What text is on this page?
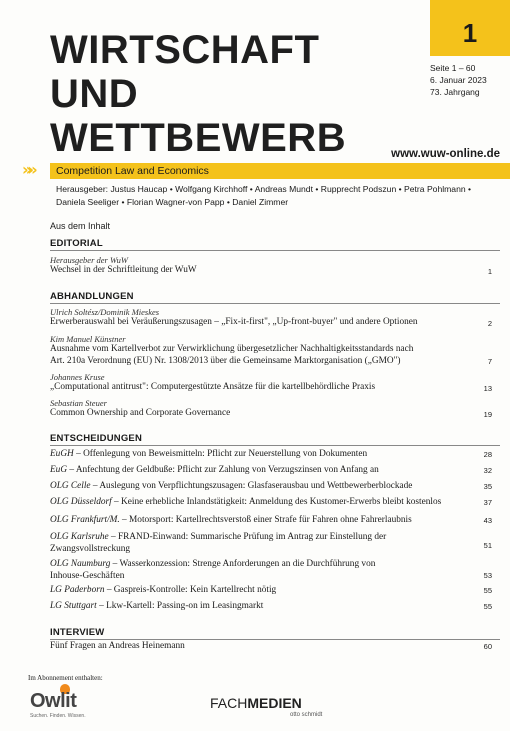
WIRTSCHAFT
UND
WETTBEWERB
1
Seite 1 – 60
6. Januar 2023
73. Jahrgang
www.wuw-online.de
»» Competition Law and Economics
Herausgeber: Justus Haucap • Wolfgang Kirchhoff • Andreas Mundt • Rupprecht Podszun • Petra Pohlmann •
Daniela Seeliger • Florian Wagner-von Papp • Daniel Zimmer
Aus dem Inhalt
EDITORIAL
Herausgeber der WuW
Wechsel in der Schriftleitung der WuW	1
ABHANDLUNGEN
Ulrich Soltész/Dominik Mieskes
Erwerberauswahl bei Veräußerungszusagen – „Fix-it-first", „Up-front-buyer" und andere Optionen	2
Kim Manuel Künstner
Ausnahme vom Kartellverbot zur Verwirklichung übergesetzlicher Nachhaltigkeitsstandards nach
Art. 210a Verordnung (EU) Nr. 1308/2013 über die Gemeinsame Marktorganisation („GMO")	7
Johannes Kruse
„Computational antitrust": Computergestützte Ansätze für die kartellbehördliche Praxis	13
Sebastian Steuer
Common Ownership and Corporate Governance	19
ENTSCHEIDUNGEN
EuGH – Offenlegung von Beweismitteln: Pflicht zur Neuerstellung von Dokumenten	28
EuG – Anfechtung der Geldbuße: Pflicht zur Zahlung von Verzugszinsen von Anfang an	32
OLG Celle – Auslegung von Verpflichtungszusagen: Glasfaserausbau und Wettbewerberblockade	35
OLG Düsseldorf – Keine erhebliche Inlandstätigkeit: Anmeldung des Kustomer-Erwerbs bleibt kostenlos	37
OLG Frankfurt/M. – Motorsport: Kartellrechtsverstoß einer Strafe für Fahren ohne Fahrerlaubnis	43
OLG Karlsruhe – FRAND-Einwand: Summarische Prüfung im Antrag zur Einstellung der
Zwangsvollstreckung	51
OLG Naumburg – Wasserkonzession: Strenge Anforderungen an die Durchführung von
Inhouse-Geschäften	53
LG Paderborn – Gaspreis-Kontrolle: Kein Kartellrecht nötig	55
LG Stuttgart – Lkw-Kartell: Passing-on im Leasingmarkt	55
INTERVIEW
Fünf Fragen an Andreas Heinemann	60
Im Abonnement enthalten:
Owlit
Suchen. Finden. Wissen.
FACHMEDIEN
otto schmidt
